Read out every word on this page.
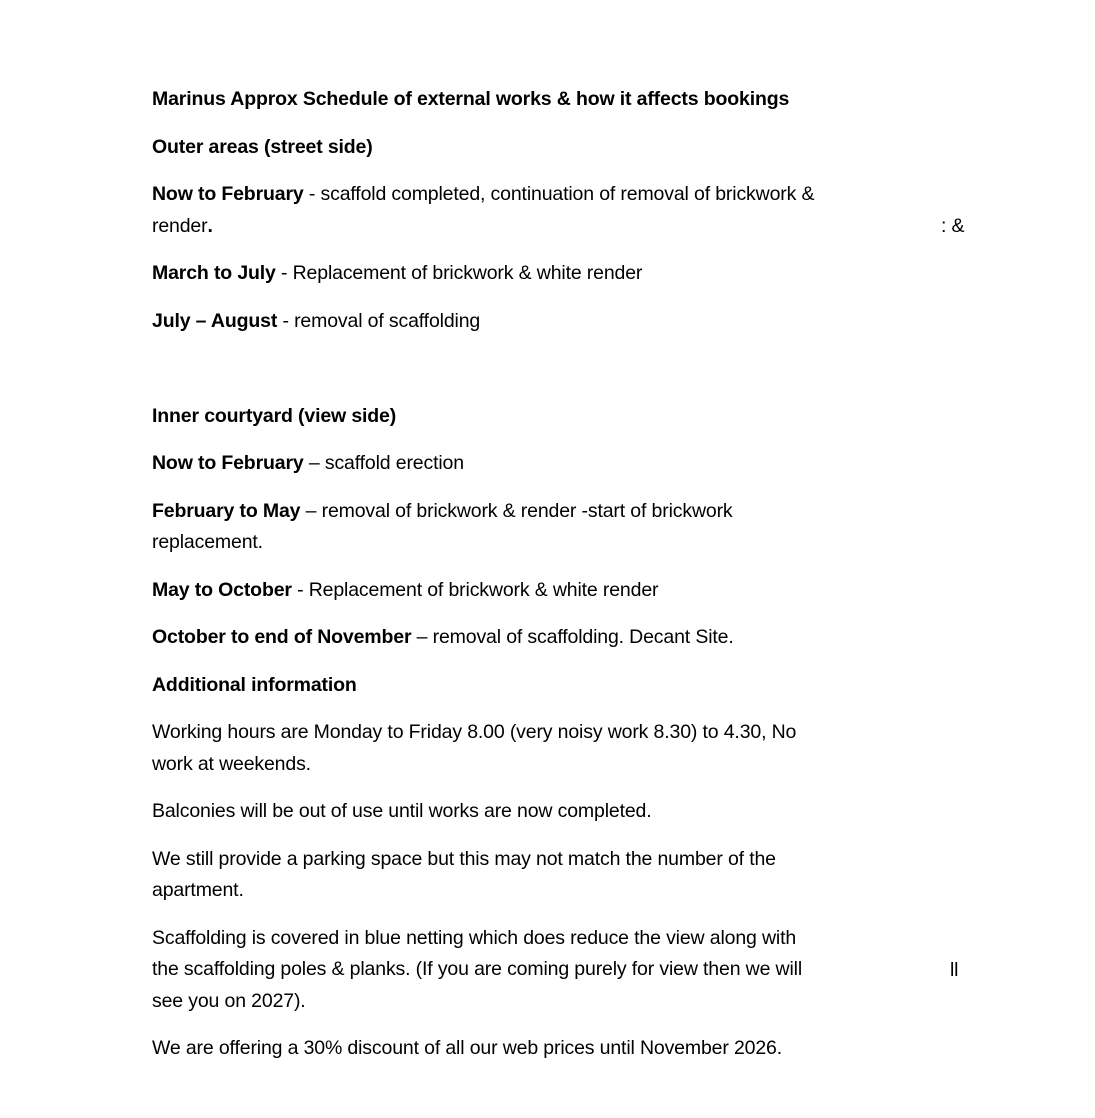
Marinus Approx Schedule of external works & how it affects bookings

Outer areas (street side)

Now to February - scaffold completed, continuation of removal of brickwork &
render.

March to July - Replacement of brickwork & white render

July – August - removal of scaffolding

Inner courtyard (view side)

Now to February – scaffold erection

February to May – removal of brickwork & render -start of brickwork
replacement.

May to October - Replacement of brickwork & white render

October to end of November – removal of scaffolding. Decant Site.

Additional information

Working hours are Monday to Friday 8.00 (very noisy work 8.30) to 4.30, No
work at weekends.

Balconies will be out of use until works are now completed.

We still provide a parking space but this may not match the number of the
apartment.

Scaffolding is covered in blue netting which does reduce the view along with
the scaffolding poles & planks. (If you are coming purely for view then we will
see you on 2027).

We are offering a 30% discount of all our web prices until November 2026.

: &
ll
